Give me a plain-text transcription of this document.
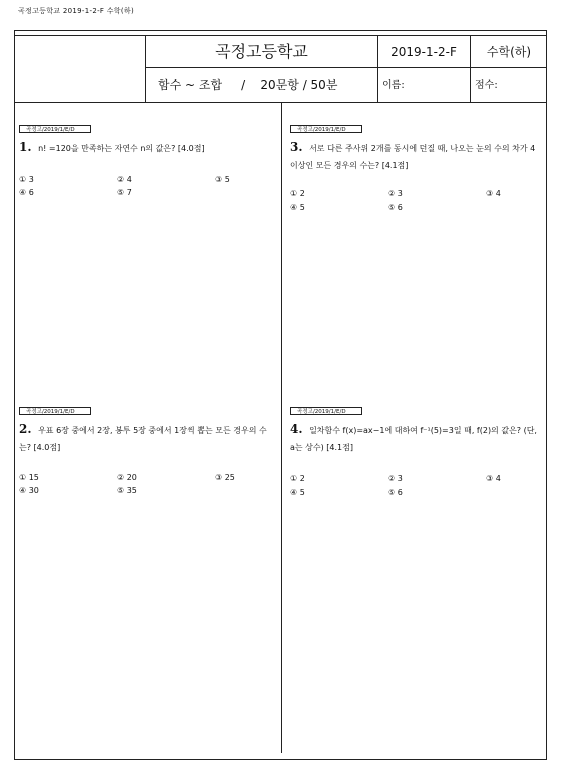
곡정고등학교 2019-1-2-F 수학(하)
곡정고등학교	2019-1-2-F	수학(하)
함수 ~ 조합     /    20문항 / 50분	이름:	점수:
곡정고/2019/1/E/D
1. n! =120을 만족하는 자연수 n의 값은? [4.0점]
① 3	② 4	③ 5
④ 6	⑤ 7
곡정고/2019/1/E/D
3. 서로 다른 주사위 2개를 동시에 던질 때, 나오는 눈의 수의 차가 4 이상인 모든 경우의 수는? [4.1점]
① 2	② 3	③ 4
④ 5	⑤ 6
곡정고/2019/1/E/D
2. 우표 6장 중에서 2장, 봉투 5장 중에서 1장씩 뽑는 모든 경우의 수는? [4.0점]
① 15	② 20	③ 25
④ 30	⑤ 35
곡정고/2019/1/E/D
4. 일차함수 f(x)=ax−1에 대하여 f⁻¹(5)=3일 때, f(2)의 값은? (단, a는 상수) [4.1점]
① 2	② 3	③ 4
④ 5	⑤ 6
